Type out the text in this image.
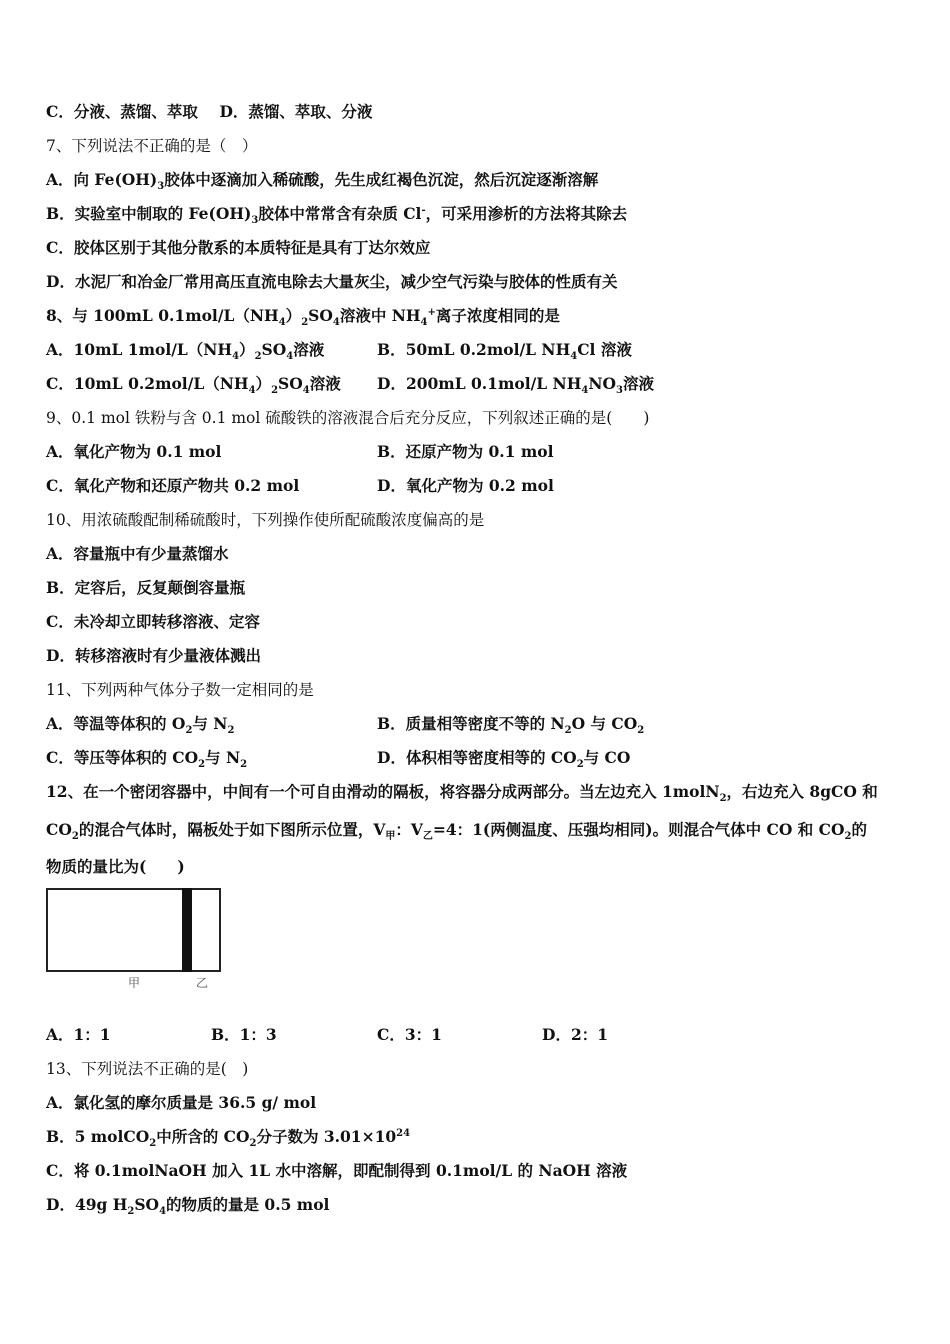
C．分液、蒸馏、萃取 D．蒸馏、萃取、分液
7、下列说法不正确的是（　）
A．向 $Fe(OH)_3$胶体中逐滴加入稀硫酸，先生成红褐色沉淀，然后沉淀逐渐溶解
B．实验室中制取的 $Fe(OH)_3$胶体中常常含有杂质 Cl-，可采用渗析的方法将其除去
C．胶体区别于其他分散系的本质特征是具有丁达尔效应
D．水泥厂和冶金厂常用高压直流电除去大量灰尘，减少空气污染与胶体的性质有关
8、与 100mL $0.1mol/L(NH_4)_2SO_4$溶液中 $NH_4^+$离子浓度相同的是
A．10mL $1mol/L(NH_4)_2SO_4$溶液	B．50mL 0.2mol/L $NH_4Cl$ 溶液
C．10mL $0.2mol/L(NH_4)_2SO_4$溶液 D．200mL 0.1mol/L $NH_4NO_3$溶液
9、0.1 mol 铁粉与含 0.1 mol 硫酸铁的溶液混合后充分反应，下列叙述正确的是(　　)
A．氧化产物为 0.1 mol	B．还原产物为 0.1 mol
C．氧化产物和还原产物共 0.2 mol	D．氧化产物为 0.2 mol
10、用浓硫酸配制稀硫酸时，下列操作使所配硫酸浓度偏高的是
A．容量瓶中有少量蒸馏水
B．定容后，反复颠倒容量瓶
C．未冷却立即转移溶液、定容
D．转移溶液时有少量液体溅出
11、下列两种气体分子数一定相同的是
A．等温等体积的 $O_2$与 $N_2$	B．质量相等密度不等的 $N_2O$ 与 $CO_2$
C．等压等体积的 $CO_2$与 $N_2$	D．体积相等密度相等的 $CO_2$与 CO
12、在一个密闭容器中，中间有一个可自由滑动的隔板，将容器分成两部分。当左边充入 1molN$_2$，右边充入 8gCO 和
$CO_2$的混合气体时，隔板处于如下图所示位置，$V_甲$：$V_乙=4$：1(两侧温度、压强均相同)。则混合气体中 CO 和 $CO_2$的
物质的量比为(　　)
甲	乙
A．1：1	B．1：3	C．3：1	D．2：1
13、下列说法不正确的是(　)
A．氯化氢的摩尔质量是 36.5 g/ mol
B．5 molCO$_2$中所含的 $CO_2$分子数为 $3.01\times 10^{24}$
C．将 0.1molNaOH 加入 1L 水中溶解，即配制得到 0.1mol/L 的 NaOH 溶液
D．49g $H_2SO_4$的物质的量是 0.5 mol
